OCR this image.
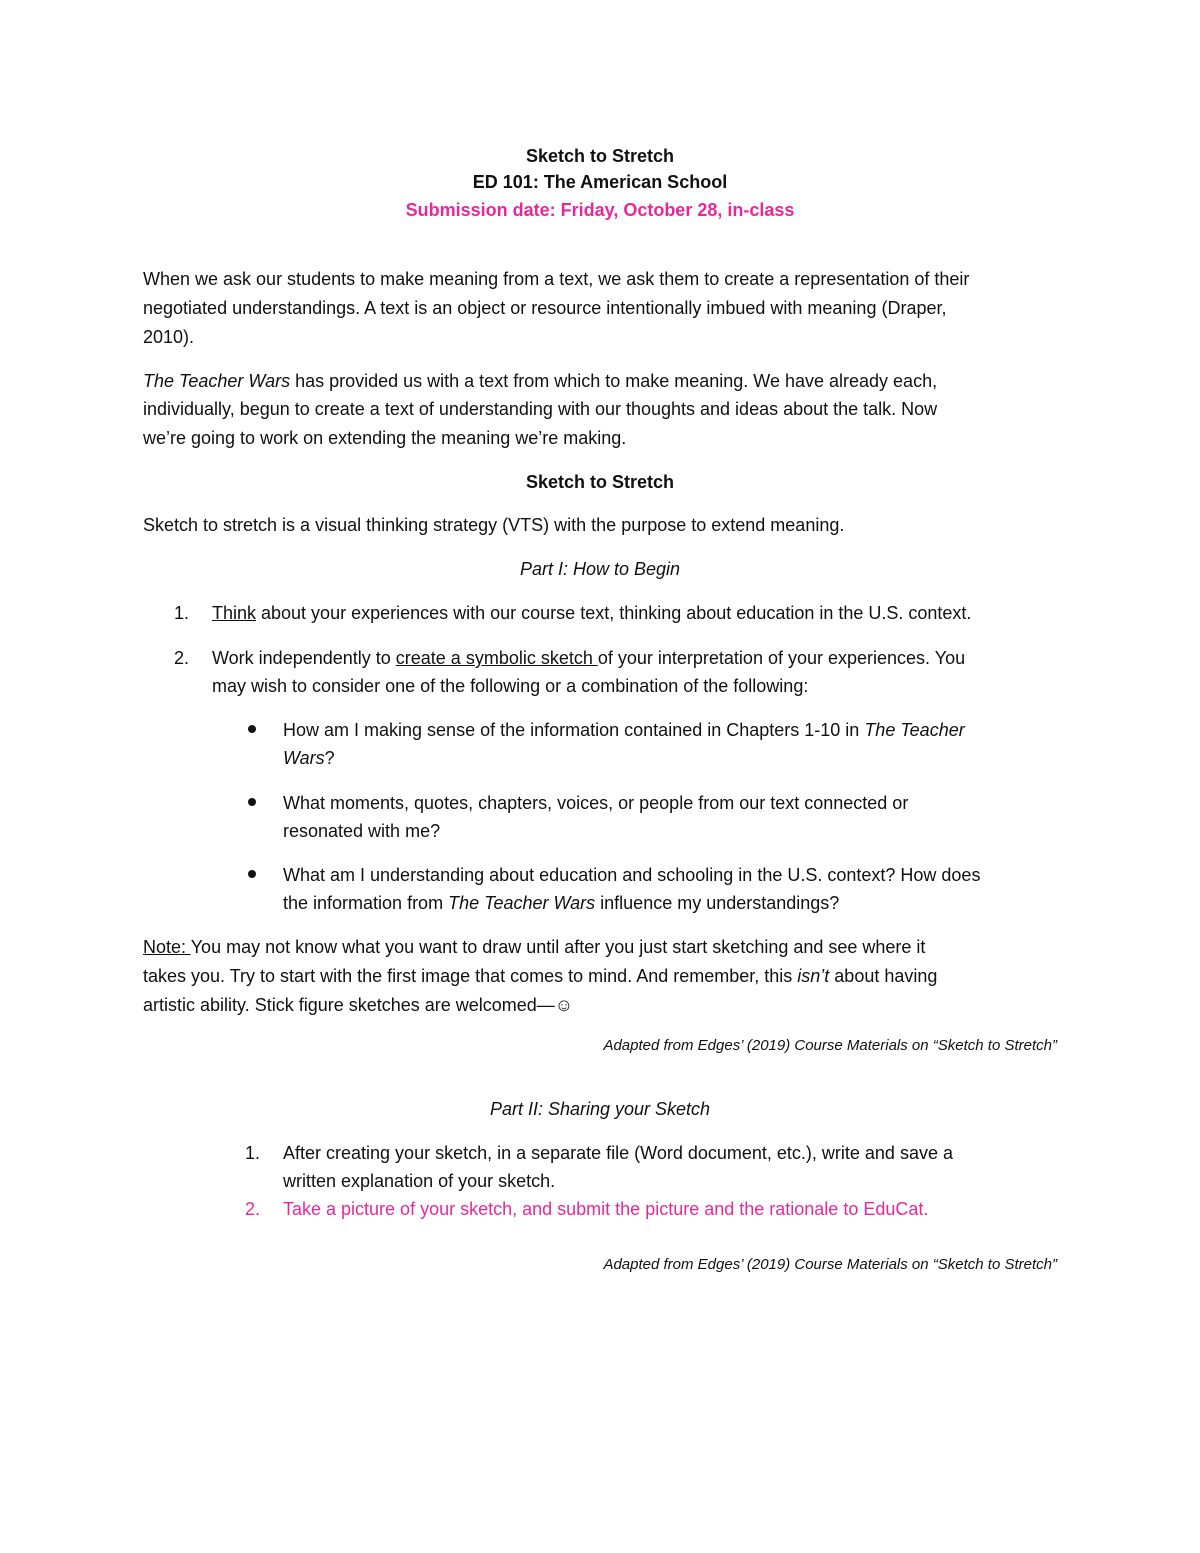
Sketch to Stretch
ED 101: The American School
Submission date: Friday, October 28, in-class
When we ask our students to make meaning from a text, we ask them to create a representation of their
negotiated understandings. A text is an object or resource intentionally imbued with meaning (Draper,
2010).
The Teacher Wars has provided us with a text from which to make meaning. We have already each,
individually, begun to create a text of understanding with our thoughts and ideas about the talk. Now
we’re going to work on extending the meaning we’re making.
Sketch to Stretch
Sketch to stretch is a visual thinking strategy (VTS) with the purpose to extend meaning.
Part I: How to Begin
1. Think about your experiences with our course text, thinking about education in the U.S. context.
2. Work independently to create a symbolic sketch of your interpretation of your experiences. You
may wish to consider one of the following or a combination of the following:
How am I making sense of the information contained in Chapters 1-10 in The Teacher
Wars?
What moments, quotes, chapters, voices, or people from our text connected or
resonated with me?
What am I understanding about education and schooling in the U.S. context? How does
the information from The Teacher Wars influence my understandings?
Note: You may not know what you want to draw until after you just start sketching and see where it
takes you. Try to start with the first image that comes to mind. And remember, this isn’t about having
artistic ability. Stick figure sketches are welcomed—☺
Adapted from Edges’ (2019) Course Materials on “Sketch to Stretch”
Part II: Sharing your Sketch
1. After creating your sketch, in a separate file (Word document, etc.), write and save a
written explanation of your sketch.
2. Take a picture of your sketch, and submit the picture and the rationale to EduCat.
Adapted from Edges’ (2019) Course Materials on “Sketch to Stretch”
